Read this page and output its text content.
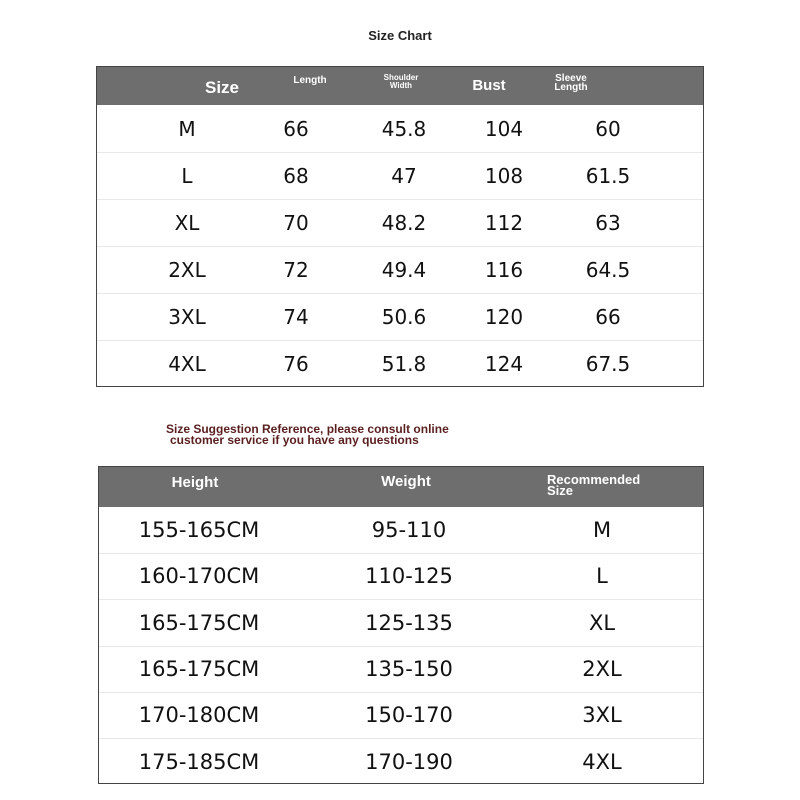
Size Chart
Size	Length	Shoulder Width	Bust	Sleeve Length
M	66	45.8	104	60
L	68	47	108	61.5
XL	70	48.2	112	63
2XL	72	49.4	116	64.5
3XL	74	50.6	120	66
4XL	76	51.8	124	67.5
Size Suggestion Reference, please consult online
customer service if you have any questions
Height	Weight	Recommended Size
155-165CM	95-110	M
160-170CM	110-125	L
165-175CM	125-135	XL
165-175CM	135-150	2XL
170-180CM	150-170	3XL
175-185CM	170-190	4XL
